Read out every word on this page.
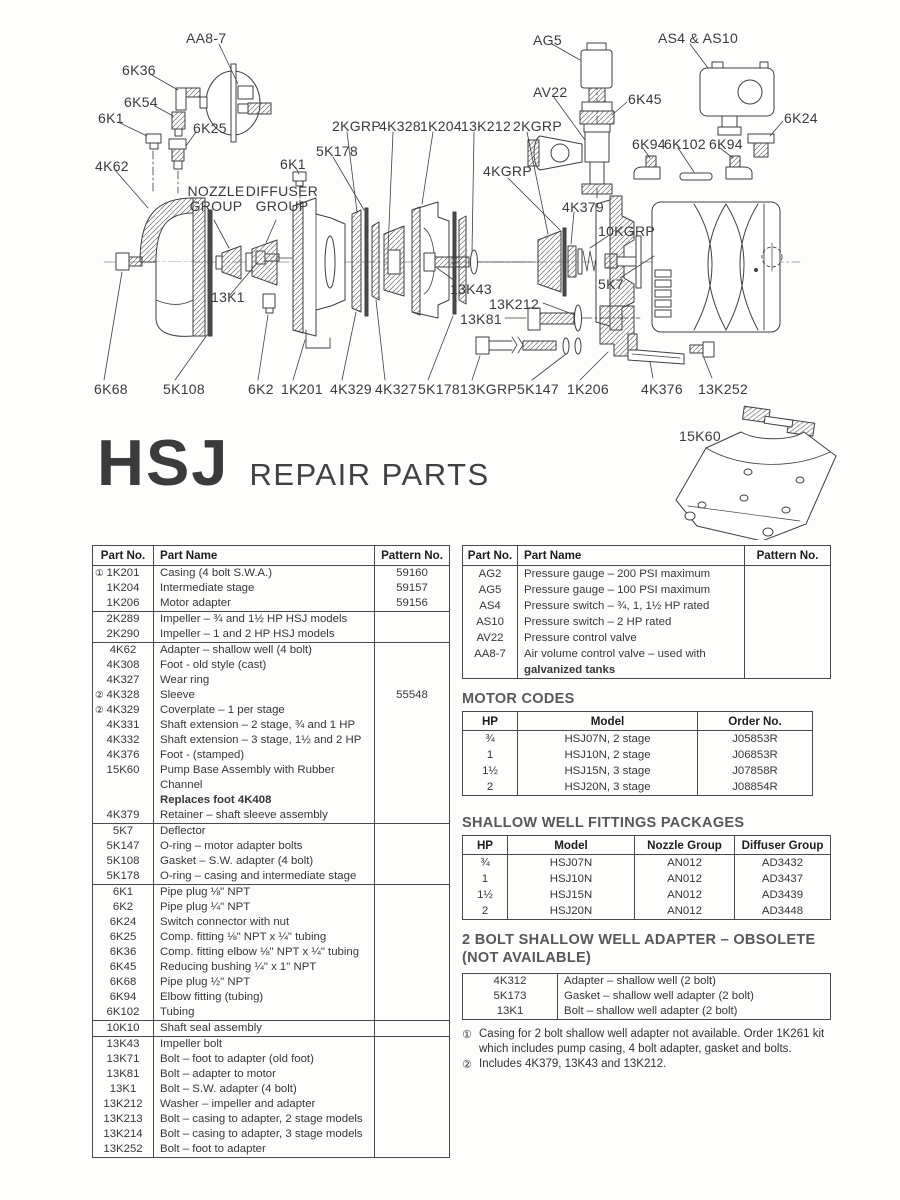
AA8-7
6K36
6K54
6K1
6K25
4K62
NOZZLE GROUP
DIFFUSER GROUP
6K1
5K178
2KGRP
4K328 1K204 13K212 2KGRP
AG5	AS4 & AS10
AV22	6K45
6K24
6K94
6K102 6K94
4KGRP
4K379
10KGRP
5K7
13K43
13K212
13K81
13K1
6K68	5K108	6K2 1K201 4K329 4K327 5K178 13KGRP 5K147 1K206 4K376 13K252
15K60
HSJ REPAIR PARTS
Part No.	Part Name	Pattern No.

① 1K201	Casing (4 bolt S.W.A.)	59160

1K204	Intermediate stage	59157

1K206	Motor adapter	59156

2K289	Impeller – ¾ and 1½ HP HSJ models	

2K290	Impeller – 1 and 2 HP HSJ models	

4K62	Adapter – shallow well (4 bolt)	

4K308	Foot - old style (cast)	

4K327	Wear ring	

② 4K328	Sleeve	55548

② 4K329	Coverplate – 1 per stage	

4K331	Shaft extension – 2 stage, ¾ and 1 HP	

4K332	Shaft extension – 3 stage, 1½ and 2 HP	

4K376	Foot - (stamped)	

15K60	Pump Base Assembly with Rubber Channel
Replaces foot 4K408	

4K379	Retainer – shaft sleeve assembly	

5K7	Deflector	

5K147	O-ring – motor adapter bolts	

5K108	Gasket – S.W. adapter (4 bolt)	

5K178	O-ring – casing and intermediate stage	

6K1	Pipe plug ⅛" NPT	

6K2	Pipe plug ¼" NPT	

6K24	Switch connector with nut	

6K25	Comp. fitting ⅛" NPT x ¼" tubing	

6K36	Comp. fitting elbow ⅛" NPT x ¼" tubing	

6K45	Reducing bushing ¼" x 1" NPT	

6K68	Pipe plug ½" NPT	

6K94	Elbow fitting (tubing)	

6K102	Tubing	

10K10	Shaft seal assembly	

13K43	Impeller bolt	

13K71	Bolt – foot to adapter (old foot)	

13K81	Bolt – adapter to motor	

13K1	Bolt – S.W. adapter (4 bolt)	

13K212	Washer – impeller and adapter	

13K213	Bolt – casing to adapter, 2 stage models	

13K214	Bolt – casing to adapter, 3 stage models	

13K252	Bolt – foot to adapter	

Part No.	Part Name	Pattern No.

AG2	Pressure gauge – 200 PSI maximum	

AG5	Pressure gauge – 100 PSI maximum	

AS4	Pressure switch – ¾, 1, 1½ HP rated	

AS10	Pressure switch – 2 HP rated	

AV22	Pressure control valve	

AA8-7	Air volume control valve – used with
galvanized tanks	

MOTOR CODES
HP	Model	Order No.
¾	HSJ07N, 2 stage	J05853R
1	HSJ10N, 2 stage	J06853R
1½	HSJ15N, 3 stage	J07858R
2	HSJ20N, 3 stage	J08854R
SHALLOW WELL FITTINGS PACKAGES
HP	Model	Nozzle Group	Diffuser Group
¾	HSJ07N	AN012	AD3432
1	HSJ10N	AN012	AD3437
1½	HSJ15N	AN012	AD3439
2	HSJ20N	AN012	AD3448
2 BOLT SHALLOW WELL ADAPTER – OBSOLETE
(NOT AVAILABLE)
4K312	Adapter – shallow well (2 bolt)
5K173	Gasket – shallow well adapter (2 bolt)
13K1	Bolt – shallow well adapter (2 bolt)
① Casing for 2 bolt shallow well adapter not available. Order 1K261 kit which includes pump casing, 4 bolt adapter, gasket and bolts.
② Includes 4K379, 13K43 and 13K212.
